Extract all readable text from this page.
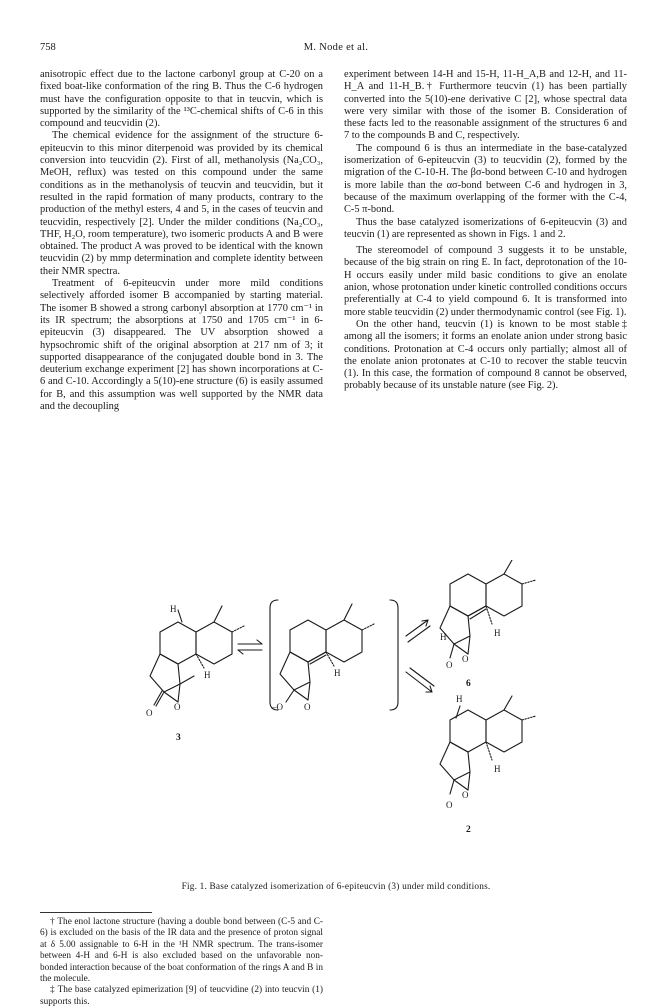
758	M. Node et al.

anisotropic effect due to the lactone carbonyl group at C-20 on a fixed boat-like conformation of the ring B. Thus the C-6 hydrogen must have the configuration opposite to that in teucvin, which is supported by the similarity of the ¹³C-chemical shifts of C-6 in this compound and teucvidin (2).

The chemical evidence for the assignment of the structure 6-epiteucvin to this minor diterpenoid was provided by its chemical conversion into teucvidin (2). First of all, methanolysis (Na₂CO₃, MeOH, reflux) was tested on this compound under the same conditions as in the methanolysis of teucvin and teucvidin, but it resulted in the rapid formation of many products, contrary to the production of the methyl esters, 4 and 5, in the cases of teucvin and teucvidin, respectively [2]. Under the milder conditions (Na₂CO₃, THF, H₂O, room temperature), two isomeric products A and B were obtained. The product A was proved to be identical with the known teucvidin (2) by mmp determination and complete identity between their NMR spectra.

Treatment of 6-epiteucvin under more mild conditions selectively afforded isomer B accompanied by starting material. The isomer B showed a strong carbonyl absorption at 1770 cm⁻¹ in its IR spectrum; the absorptions at 1750 and 1705 cm⁻¹ in 6-epiteucvin (3) disappeared. The UV absorption showed a hypsochromic shift of the original absorption at 217 nm of 3; it supported disappearance of the conjugated double bond in 3. The deuterium exchange experiment [2] has shown incorporations at C-6 and C-10. Accordingly a 5(10)-ene structure (6) is easily assumed for B, and this assumption was well supported by the NMR data and the decoupling

experiment between 14-H and 15-H, 11-H_A,B and 12-H, and 11-H_A and 11-H_B.† Furthermore teucvin (1) has been partially converted into the 5(10)-ene derivative C [2], whose spectral data were very similar with those of the isomer B. Consideration of these facts led to the reasonable assignment of the structures 6 and 7 to the compounds B and C, respectively.

The compound 6 is thus an intermediate in the base-catalyzed isomerization of 6-epiteucvin (3) to teucvidin (2), formed by the migration of the C-10-H. The βσ-bond between C-10 and hydrogen is more labile than the ασ-bond between C-6 and hydrogen in 3, because of the maximum overlapping of the former with the C-4, C-5 π-bond.

Thus the base catalyzed isomerizations of 6-epiteucvin (3) and teucvin (1) are represented as shown in Figs. 1 and 2.

The stereomodel of compound 3 suggests it to be unstable, because of the big strain on ring E. In fact, deprotonation of the 10-H occurs easily under mild basic conditions to give an enolate anion, whose protonation under kinetic controlled conditions occurs preferentially at C-4 to yield compound 6. It is transformed into more stable teucvidin (2) under thermodynamic control (see Fig. 1).

On the other hand, teucvin (1) is known to be most stable‡ among all the isomers; it forms an enolate anion under strong basic conditions. Protonation at C-4 occurs only partially; almost all of the enolate anion protonates at C-10 to recover the stable teucvin (1). In this case, the formation of compound 8 cannot be observed, probably because of its unstable nature (see Fig. 2).

H
H
O
O
3
H
O
–O
H	H
O
O
6
H
H
O
O
2
Fig. 1. Base catalyzed isomerization of 6-epiteucvin (3) under mild conditions.

† The enol lactone structure (having a double bond between (C-5 and C-6) is excluded on the basis of the IR data and the presence of proton signal at δ 5.00 assignable to 6-H in the ¹H NMR spectrum. The trans-isomer between 4-H and 6-H is also excluded based on the unfavorable non-bonded interaction because of the boat conformation of the rings A and B in the molecule.

‡ The base catalyzed epimerization [9] of teucvidine (2) into teucvin (1) supports this.
